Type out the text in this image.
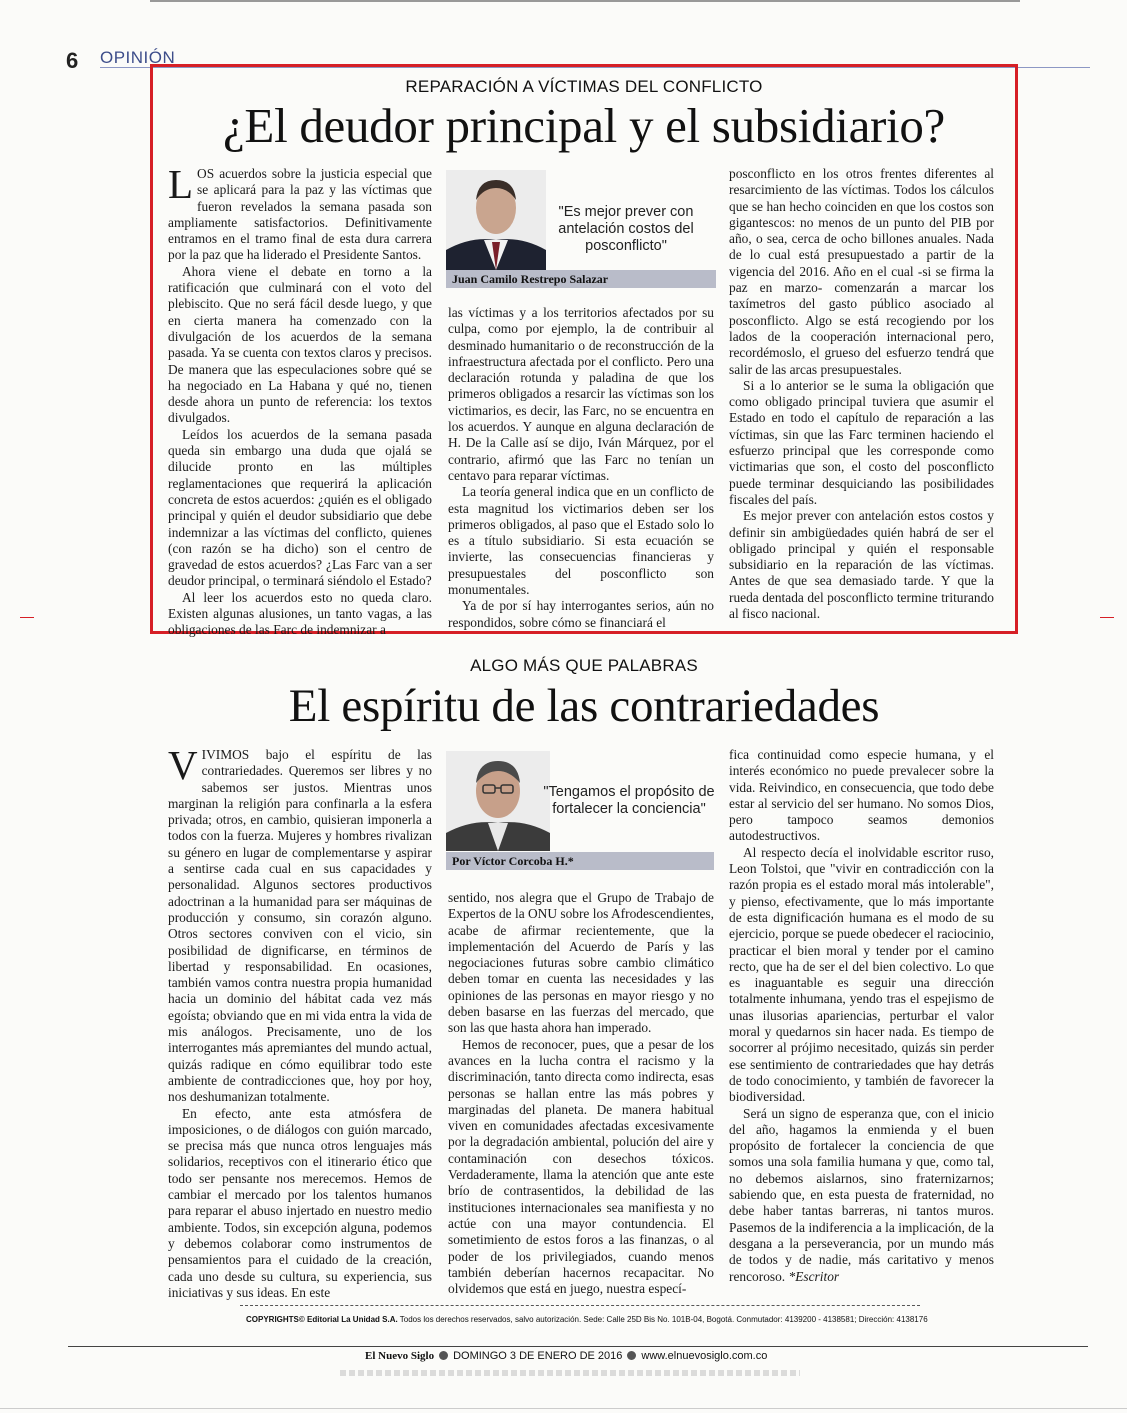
6 OPINIÓN
REPARACIÓN A VÍCTIMAS DEL CONFLICTO
¿El deudor principal y el subsidiario?

LOS acuerdos sobre la justicia especial que se aplicará para la paz y las víctimas que fueron revelados la semana pasada son ampliamente satisfactorios. Definitivamente entramos en el tramo final de esta dura carrera por la paz que ha liderado el Presidente Santos.

Ahora viene el debate en torno a la ratificación que culminará con el voto del plebiscito. Que no será fácil desde luego, y que en cierta manera ha comenzado con la divulgación de los acuerdos de la semana pasada. Ya se cuenta con textos claros y precisos. De manera que las especulaciones sobre qué se ha negociado en La Habana y qué no, tienen desde ahora un punto de referencia: los textos divulgados.

Leídos los acuerdos de la semana pasada queda sin embargo una duda que ojalá se dilucide pronto en las múltiples reglamentaciones que requerirá la aplicación concreta de estos acuerdos: ¿quién es el obligado principal y quién el deudor subsidiario que debe indemnizar a las víctimas del conflicto, quienes (con razón se ha dicho) son el centro de gravedad de estos acuerdos? ¿Las Farc van a ser deudor principal, o terminará siéndolo el Estado?

Al leer los acuerdos esto no queda claro. Existen algunas alusiones, un tanto vagas, a las obligaciones de las Farc de indemnizar a

"Es mejor prever con antelación costos del posconflicto"
Juan Camilo Restrepo Salazar

las víctimas y a los territorios afectados por su culpa, como por ejemplo, la de contribuir al desminado humanitario o de reconstrucción de la infraestructura afectada por el conflicto. Pero una declaración rotunda y paladina de que los primeros obligados a resarcir las víctimas son los victimarios, es decir, las Farc, no se encuentra en los acuerdos. Y aunque en alguna declaración de H. De la Calle así se dijo, Iván Márquez, por el contrario, afirmó que las Farc no tenían un centavo para reparar víctimas.

La teoría general indica que en un conflicto de esta magnitud los victimarios deben ser los primeros obligados, al paso que el Estado solo lo es a título subsidiario. Si esta ecuación se invierte, las consecuencias financieras y presupuestales del posconflicto son monumentales.

Ya de por sí hay interrogantes serios, aún no respondidos, sobre cómo se financiará el

posconflicto en los otros frentes diferentes al resarcimiento de las víctimas. Todos los cálculos que se han hecho coinciden en que los costos son gigantescos: no menos de un punto del PIB por año, o sea, cerca de ocho billones anuales. Nada de lo cual está presupuestado a partir de la vigencia del 2016. Año en el cual -si se firma la paz en marzo- comenzarán a marcar los taxímetros del gasto público asociado al posconflicto. Algo se está recogiendo por los lados de la cooperación internacional pero, recordémoslo, el grueso del esfuerzo tendrá que salir de las arcas presupuestales.

Si a lo anterior se le suma la obligación que como obligado principal tuviera que asumir el Estado en todo el capítulo de reparación a las víctimas, sin que las Farc terminen haciendo el esfuerzo principal que les corresponde como victimarias que son, el costo del posconflicto puede terminar desquiciando las posibilidades fiscales del país.

Es mejor prever con antelación estos costos y definir sin ambigüedades quién habrá de ser el obligado principal y quién el responsable subsidiario en la reparación de las víctimas. Antes de que sea demasiado tarde. Y que la rueda dentada del posconflicto termine triturando al fisco nacional.

ALGO MÁS QUE PALABRAS
El espíritu de las contrariedades

VIVIMOS bajo el espíritu de las contrariedades. Queremos ser libres y no sabemos ser justos. Mientras unos marginan la religión para confinarla a la esfera privada; otros, en cambio, quisieran imponerla a todos con la fuerza. Mujeres y hombres rivalizan su género en lugar de complementarse y aspirar a sentirse cada cual en sus capacidades y personalidad. Algunos sectores productivos adoctrinan a la humanidad para ser máquinas de producción y consumo, sin corazón alguno. Otros sectores conviven con el vicio, sin posibilidad de dignificarse, en términos de libertad y responsabilidad. En ocasiones, también vamos contra nuestra propia humanidad hacia un dominio del hábitat cada vez más egoísta; obviando que en mi vida entra la vida de mis análogos. Precisamente, uno de los interrogantes más apremiantes del mundo actual, quizás radique en cómo equilibrar todo este ambiente de contradicciones que, hoy por hoy, nos deshumanizan totalmente.

En efecto, ante esta atmósfera de imposiciones, o de diálogos con guión marcado, se precisa más que nunca otros lenguajes más solidarios, receptivos con el itinerario ético que todo ser pensante nos merecemos. Hemos de cambiar el mercado por los talentos humanos para reparar el abuso injertado en nuestro medio ambiente. Todos, sin excepción alguna, podemos y debemos colaborar como instrumentos de pensamientos para el cuidado de la creación, cada uno desde su cultura, su experiencia, sus iniciativas y sus ideas. En este

"Tengamos el propósito de fortalecer la conciencia"
Por Víctor Corcoba H.*

sentido, nos alegra que el Grupo de Trabajo de Expertos de la ONU sobre los Afrodescendientes, acabe de afirmar recientemente, que la implementación del Acuerdo de París y las negociaciones futuras sobre cambio climático deben tomar en cuenta las necesidades y las opiniones de las personas en mayor riesgo y no deben basarse en las fuerzas del mercado, que son las que hasta ahora han imperado.

Hemos de reconocer, pues, que a pesar de los avances en la lucha contra el racismo y la discriminación, tanto directa como indirecta, esas personas se hallan entre las más pobres y marginadas del planeta. De manera habitual viven en comunidades afectadas excesivamente por la degradación ambiental, polución del aire y contaminación con desechos tóxicos. Verdaderamente, llama la atención que ante este brío de contrasentidos, la debilidad de las instituciones internacionales sea manifiesta y no actúe con una mayor contundencia. El sometimiento de estos foros a las finanzas, o al poder de los privilegiados, cuando menos también deberían hacernos recapacitar. No olvidemos que está en juego, nuestra especí-

fica continuidad como especie humana, y el interés económico no puede prevalecer sobre la vida. Reivindico, en consecuencia, que todo debe estar al servicio del ser humano. No somos Dios, pero tampoco seamos demonios autodestructivos.

Al respecto decía el inolvidable escritor ruso, Leon Tolstoi, que "vivir en contradicción con la razón propia es el estado moral más intolerable", y pienso, efectivamente, que lo más importante de esta dignificación humana es el modo de su ejercicio, porque se puede obedecer el raciocinio, practicar el bien moral y tender por el camino recto, que ha de ser el del bien colectivo. Lo que es inaguantable es seguir una dirección totalmente inhumana, yendo tras el espejismo de unas ilusorias apariencias, perturbar el valor moral y quedarnos sin hacer nada. Es tiempo de socorrer al prójimo necesitado, quizás sin perder ese sentimiento de contrariedades que hay detrás de todo conocimiento, y también de favorecer la biodiversidad.

Será un signo de esperanza que, con el inicio del año, hagamos la enmienda y el buen propósito de fortalecer la conciencia de que somos una sola familia humana y que, como tal, no debemos aislarnos, sino fraternizarnos; sabiendo que, en esta puesta de fraternidad, no debe haber tantas barreras, ni tantos muros. Pasemos de la indiferencia a la implicación, de la desgana a la perseverancia, por un mundo más de todos y de nadie, más caritativo y menos rencoroso. *Escritor

COPYRIGHTS© Editorial La Unidad S.A. Todos los derechos reservados, salvo autorización. Sede: Calle 25D Bis No. 101B-04, Bogotá. Conmutador: 4139200 - 4138581; Dirección: 4138176
El Nuevo Siglo DOMINGO 3 DE ENERO DE 2016 www.elnuevosiglo.com.co
